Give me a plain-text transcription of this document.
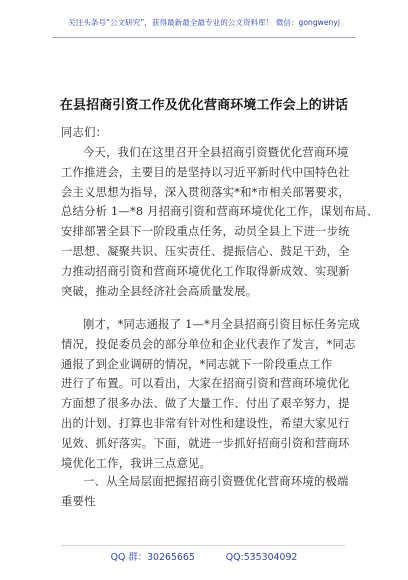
关注头条号“公文研究”，获得最新最全最专业的公文资料库！ 微信：gongwenyj
在县招商引资工作及优化营商环境工作会上的讲话
同志们：
今天，我们在这里召开全县招商引资暨优化营商环境
工作推进会，主要目的是坚持以习近平新时代中国特色社
会主义思想为指导，深入贯彻落实*和*市相关部署要求，
总结分析 1—*8 月招商引资和营商环境优化工作，谋划布局、
安排部署全县下一阶段重点任务，动员全县上下进一步统
一思想、凝聚共识、压实责任、提振信心、鼓足干劲，全
力推动招商引资和营商环境优化工作取得新成效、实现新
突破，推动全县经济社会高质量发展。
刚才，*同志通报了 1—*月全县招商引资目标任务完成
情况，投促委员会的部分单位和企业代表作了发言，*同志
通报了到企业调研的情况，*同志就下一阶段重点工作
进行了布置。可以看出，大家在招商引资和营商环境优化
方面想了很多办法、做了大量工作、付出了艰辛努力，提
出的计划、打算也非常有针对性和建设性，希望大家见行
见效、抓好落实。下面，就进一步抓好招商引资和营商环
境优化工作，我讲三点意见。
一、从全局层面把握招商引资暨优化营商环境的极端
重要性
QQ 群：30265665	QQ:535304092
